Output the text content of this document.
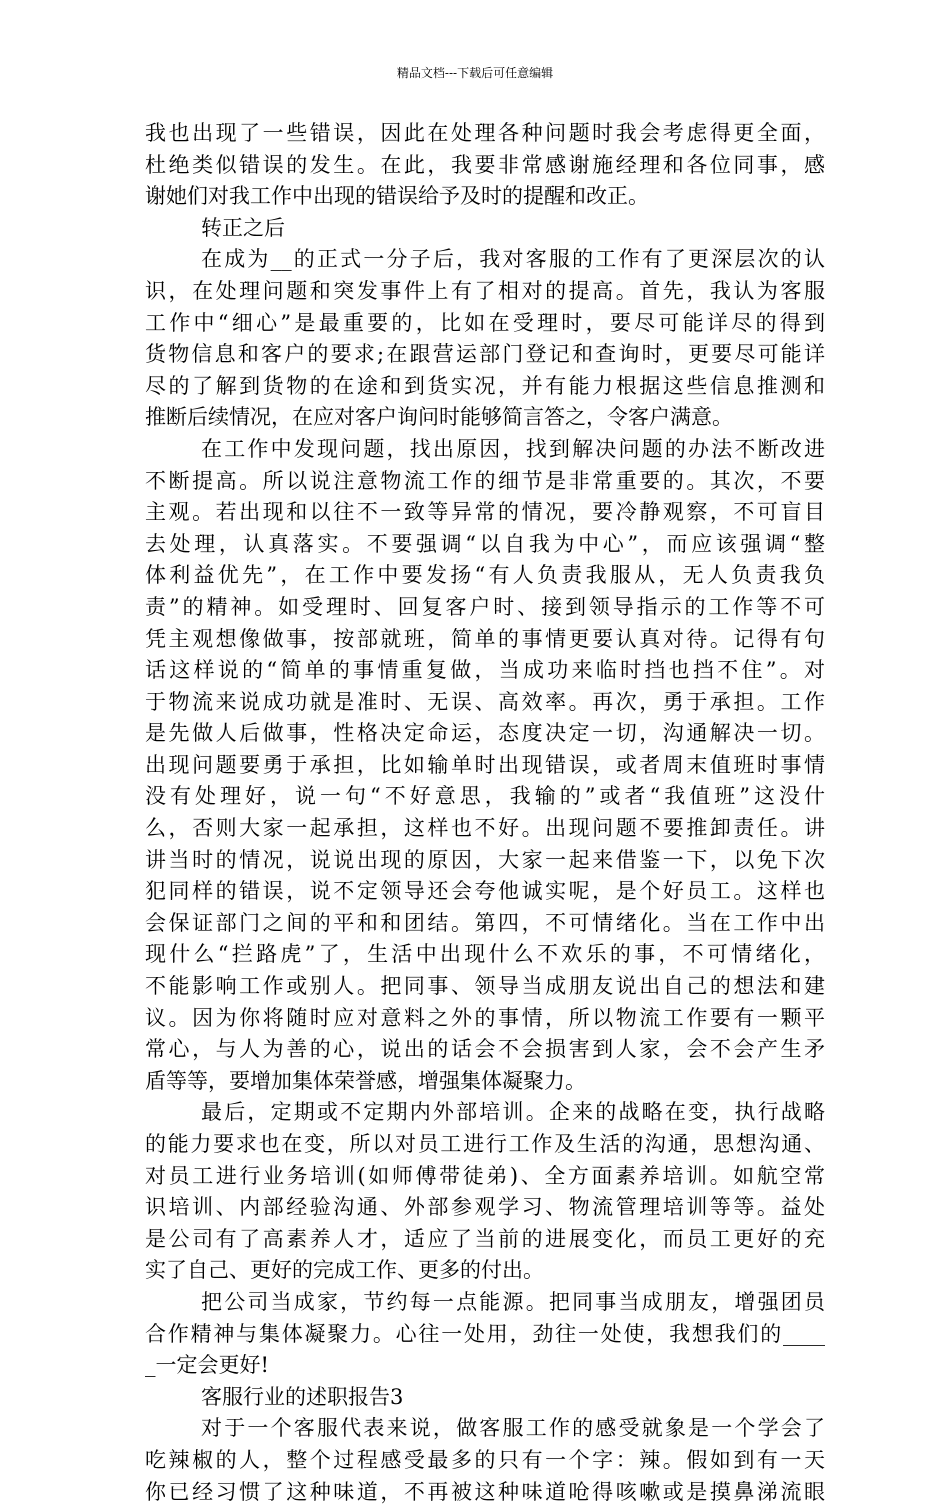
精品文档---下载后可任意编辑
我也出现了一些错误，因此在处理各种问题时我会考虑得更全面，
杜绝类似错误的发生。在此，我要非常感谢施经理和各位同事，感
谢她们对我工作中出现的错误给予及时的提醒和改正。
转正之后
在成为__的正式一分子后，我对客服的工作有了更深层次的认
识，在处理问题和突发事件上有了相对的提高。首先，我认为客服
工作中“细心”是最重要的，比如在受理时，要尽可能详尽的得到
货物信息和客户的要求;在跟营运部门登记和查询时，更要尽可能详
尽的了解到货物的在途和到货实况，并有能力根据这些信息推测和
推断后续情况，在应对客户询问时能够简言答之，令客户满意。
在工作中发现问题，找出原因，找到解决问题的办法不断改进
不断提高。所以说注意物流工作的细节是非常重要的。其次，不要
主观。若出现和以往不一致等异常的情况，要冷静观察，不可盲目
去处理，认真落实。不要强调“以自我为中心”，而应该强调“整
体利益优先”，在工作中要发扬“有人负责我服从，无人负责我负
责”的精神。如受理时、回复客户时、接到领导指示的工作等不可
凭主观想像做事，按部就班，简单的事情更要认真对待。记得有句
话这样说的“简单的事情重复做，当成功来临时挡也挡不住”。对
于物流来说成功就是准时、无误、高效率。再次，勇于承担。工作
是先做人后做事，性格决定命运，态度决定一切，沟通解决一切。
出现问题要勇于承担，比如输单时出现错误，或者周末值班时事情
没有处理好，说一句“不好意思，我输的”或者“我值班”这没什
么，否则大家一起承担，这样也不好。出现问题不要推卸责任。讲
讲当时的情况，说说出现的原因，大家一起来借鉴一下，以免下次
犯同样的错误，说不定领导还会夸他诚实呢，是个好员工。这样也
会保证部门之间的平和和团结。第四，不可情绪化。当在工作中出
现什么“拦路虎”了，生活中出现什么不欢乐的事，不可情绪化，
不能影响工作或别人。把同事、领导当成朋友说出自己的想法和建
议。因为你将随时应对意料之外的事情，所以物流工作要有一颗平
常心，与人为善的心，说出的话会不会损害到人家，会不会产生矛
盾等等，要增加集体荣誉感，增强集体凝聚力。
最后，定期或不定期内外部培训。企来的战略在变，执行战略
的能力要求也在变，所以对员工进行工作及生活的沟通，思想沟通、
对员工进行业务培训(如师傅带徒弟)、全方面素养培训。如航空常
识培训、内部经验沟通、外部参观学习、物流管理培训等等。益处
是公司有了高素养人才，适应了当前的进展变化，而员工更好的充
实了自己、更好的完成工作、更多的付出。
把公司当成家，节约每一点能源。把同事当成朋友，增强团员
合作精神与集体凝聚力。心往一处用，劲往一处使，我想我们的____
_一定会更好!
客服行业的述职报告3
对于一个客服代表来说，做客服工作的感受就象是一个学会了
吃辣椒的人，整个过程感受最多的只有一个字：辣。假如到有一天
你已经习惯了这种味道，不再被这种味道呛得咳嗽或是摸鼻涕流眼
